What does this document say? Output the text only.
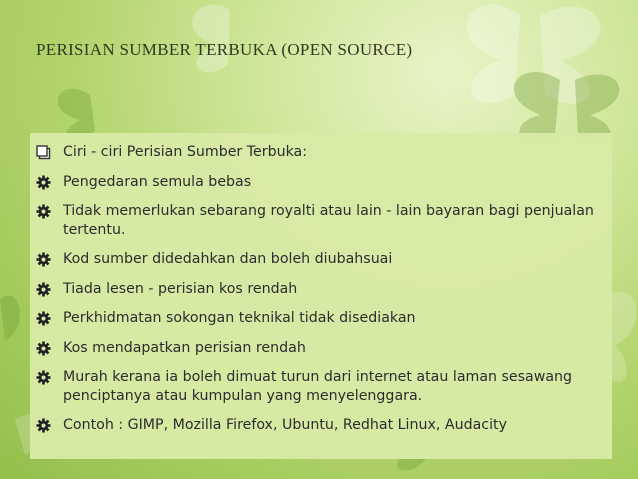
PERISIAN SUMBER TERBUKA (OPEN SOURCE)
Ciri - ciri Perisian Sumber Terbuka:
Pengedaran semula bebas
Tidak memerlukan sebarang royalti atau lain - lain bayaran bagi penjualan tertentu.
Kod sumber didedahkan dan boleh diubahsuai
Tiada lesen - perisian kos rendah
Perkhidmatan sokongan teknikal tidak disediakan
Kos mendapatkan perisian rendah
Murah kerana ia boleh dimuat turun dari internet atau laman sesawang penciptanya atau kumpulan yang menyelenggara.
Contoh : GIMP, Mozilla Firefox, Ubuntu, Redhat Linux, Audacity
